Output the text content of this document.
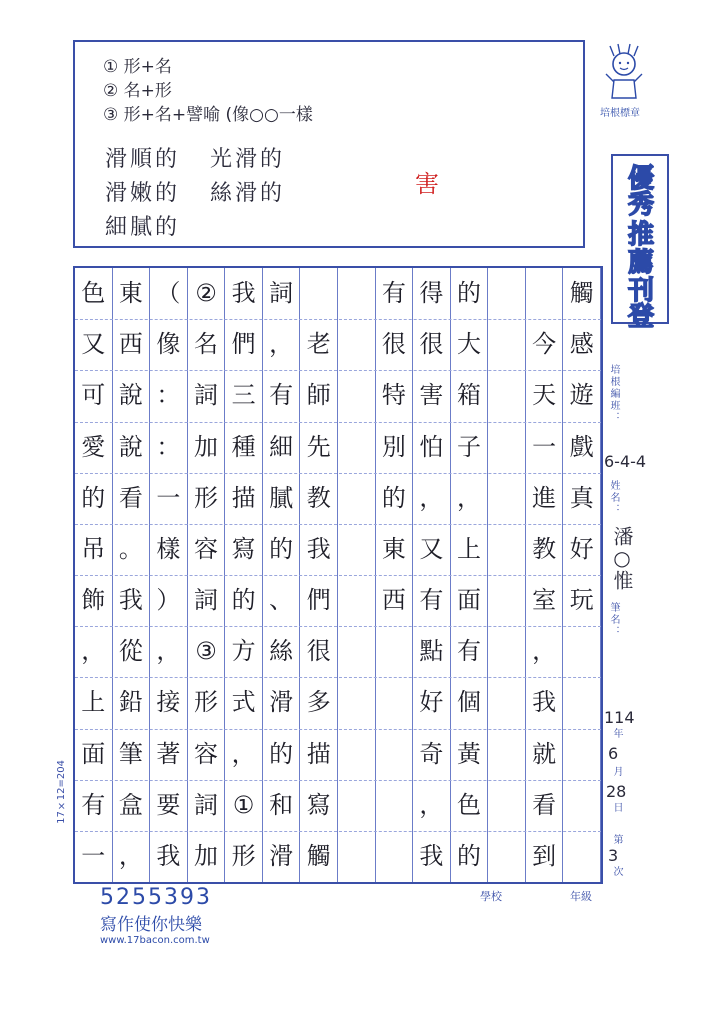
① 形+名
② 名+形
③ 形+名+譬喻 (像○○一樣
滑順的 光滑的
滑嫩的 絲滑的
細膩的
害
培根標章
優
秀
推
薦
刊
登
培根編班：
6-4-4
姓名：
潘○惟
筆名：
114
年
6
月
28
日
第
3
次
17×12=204
觸
感
遊
戲
真
好
玩
今
天
一
進
教
室
，
我
就
看
到
的
大
箱
子
，
上
面
有
個
黃
色
的
得
很
害
怕
，
又
有
點
好
奇
，
我
有
很
特
別
的
東
西
老
師
先
教
我
們
很
多
描
寫
觸
詞
，
有
細
膩
的
、
絲
滑
的
和
滑
我
們
三
種
描
寫
的
方
式
，
①
形
②
名
詞
加
形
容
詞
③
形
容
詞
加
（
像
：
：
一
樣
）
，
接
著
要
我
東
西
說
說
看
。
我
從
鉛
筆
盒
，
色
又
可
愛
的
吊
飾
，
上
面
有
一
學校	年級
5255393
寫作使你快樂
www.17bacon.com.tw
